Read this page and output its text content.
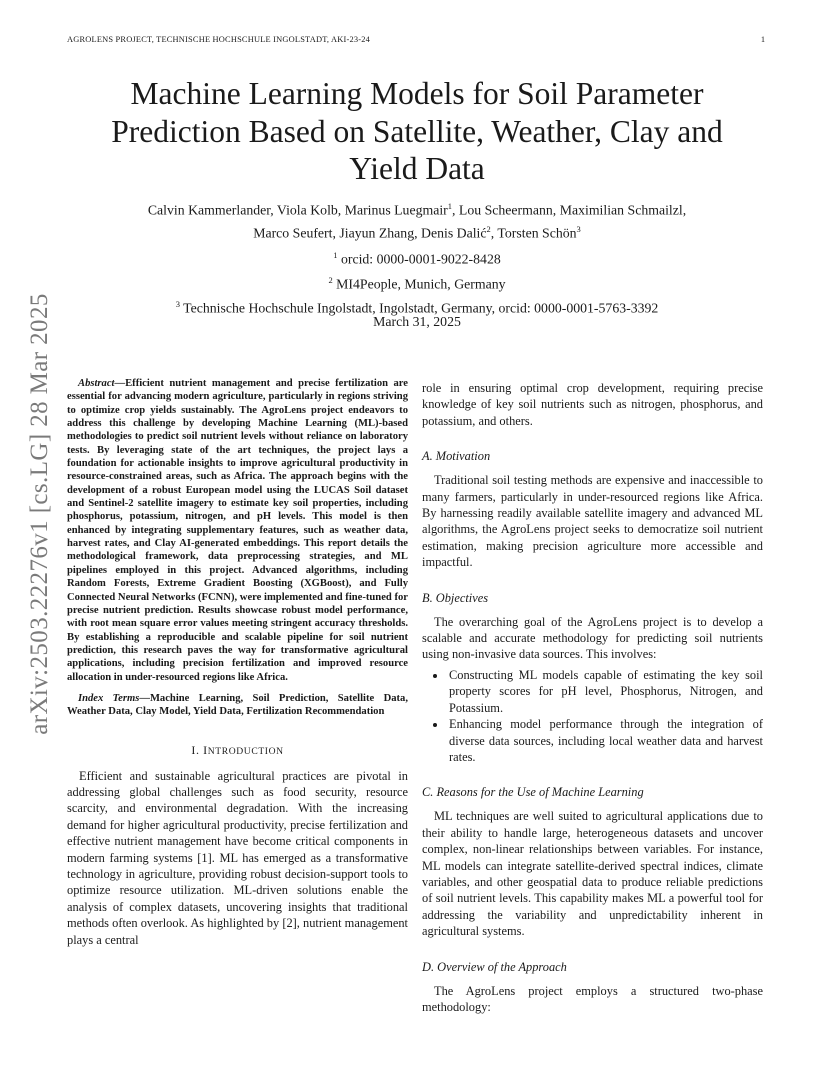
AGROLENS PROJECT, TECHNISCHE HOCHSCHULE INGOLSTADT, AKI-23-24	1
arXiv:2503.22276v1 [cs.LG] 28 Mar 2025
Machine Learning Models for Soil Parameter
Prediction Based on Satellite, Weather, Clay and
Yield Data
Calvin Kammerlander, Viola Kolb, Marinus Luegmair$^1$, Lou Scheermann, Maximilian Schmailzl,
Marco Seufert, Jiayun Zhang, Denis Dalić$^2$, Torsten Schön$^3$
$^1$ orcid: 0000-0001-9022-8428
$^2$ MI4People, Munich, Germany
$^3$ Technische Hochschule Ingolstadt, Ingolstadt, Germany, orcid: 0000-0001-5763-3392
March 31, 2025

Abstract—Efficient nutrient management and precise fertilization are essential for advancing modern agriculture, particularly in regions striving to optimize crop yields sustainably. The AgroLens project endeavors to address this challenge by developing Machine Learning (ML)-based methodologies to predict soil nutrient levels without reliance on laboratory tests. By leveraging state of the art techniques, the project lays a foundation for actionable insights to improve agricultural productivity in resource-constrained areas, such as Africa. The approach begins with the development of a robust European model using the LUCAS Soil dataset and Sentinel-2 satellite imagery to estimate key soil properties, including phosphorus, potassium, nitrogen, and pH levels. This model is then enhanced by integrating supplementary features, such as weather data, harvest rates, and Clay AI-generated embeddings. This report details the methodological framework, data preprocessing strategies, and ML pipelines employed in this project. Advanced algorithms, including Random Forests, Extreme Gradient Boosting (XGBoost), and Fully Connected Neural Networks (FCNN), were implemented and fine-tuned for precise nutrient prediction. Results showcase robust model performance, with root mean square error values meeting stringent accuracy thresholds. By establishing a reproducible and scalable pipeline for soil nutrient prediction, this research paves the way for transformative agricultural applications, including precision fertilization and improved resource allocation in under-resourced regions like Africa.

Index Terms—Machine Learning, Soil Prediction, Satellite Data, Weather Data, Clay Model, Yield Data, Fertilization Recommendation

I. INTRODUCTION

Efficient and sustainable agricultural practices are pivotal in addressing global challenges such as food security, resource scarcity, and environmental degradation. With the increasing demand for higher agricultural productivity, precise fertilization and effective nutrient management have become critical components in modern farming systems [1]. ML has emerged as a transformative technology in agriculture, providing robust decision-support tools to optimize resource utilization. ML-driven solutions enable the analysis of complex datasets, uncovering insights that traditional methods often overlook. As highlighted by [2], nutrient management plays a central

role in ensuring optimal crop development, requiring precise knowledge of key soil nutrients such as nitrogen, phosphorus, and potassium, and others.

A. Motivation

Traditional soil testing methods are expensive and inaccessible to many farmers, particularly in under-resourced regions like Africa. By harnessing readily available satellite imagery and advanced ML algorithms, the AgroLens project seeks to democratize soil nutrient estimation, making precision agriculture more accessible and impactful.

B. Objectives

The overarching goal of the AgroLens project is to develop a scalable and accurate methodology for predicting soil nutrients using non-invasive data sources. This involves:

• Constructing ML models capable of estimating the key soil property scores for pH level, Phosphorus, Nitrogen, and Potassium.
• Enhancing model performance through the integration of diverse data sources, including local weather data and harvest rates.
C. Reasons for the Use of Machine Learning

ML techniques are well suited to agricultural applications due to their ability to handle large, heterogeneous datasets and uncover complex, non-linear relationships between variables. For instance, ML models can integrate satellite-derived spectral indices, climate variables, and other geospatial data to produce reliable predictions of soil nutrient levels. This capability makes ML a powerful tool for addressing the variability and unpredictability inherent in agricultural systems.

D. Overview of the Approach

The AgroLens project employs a structured two-phase methodology:
